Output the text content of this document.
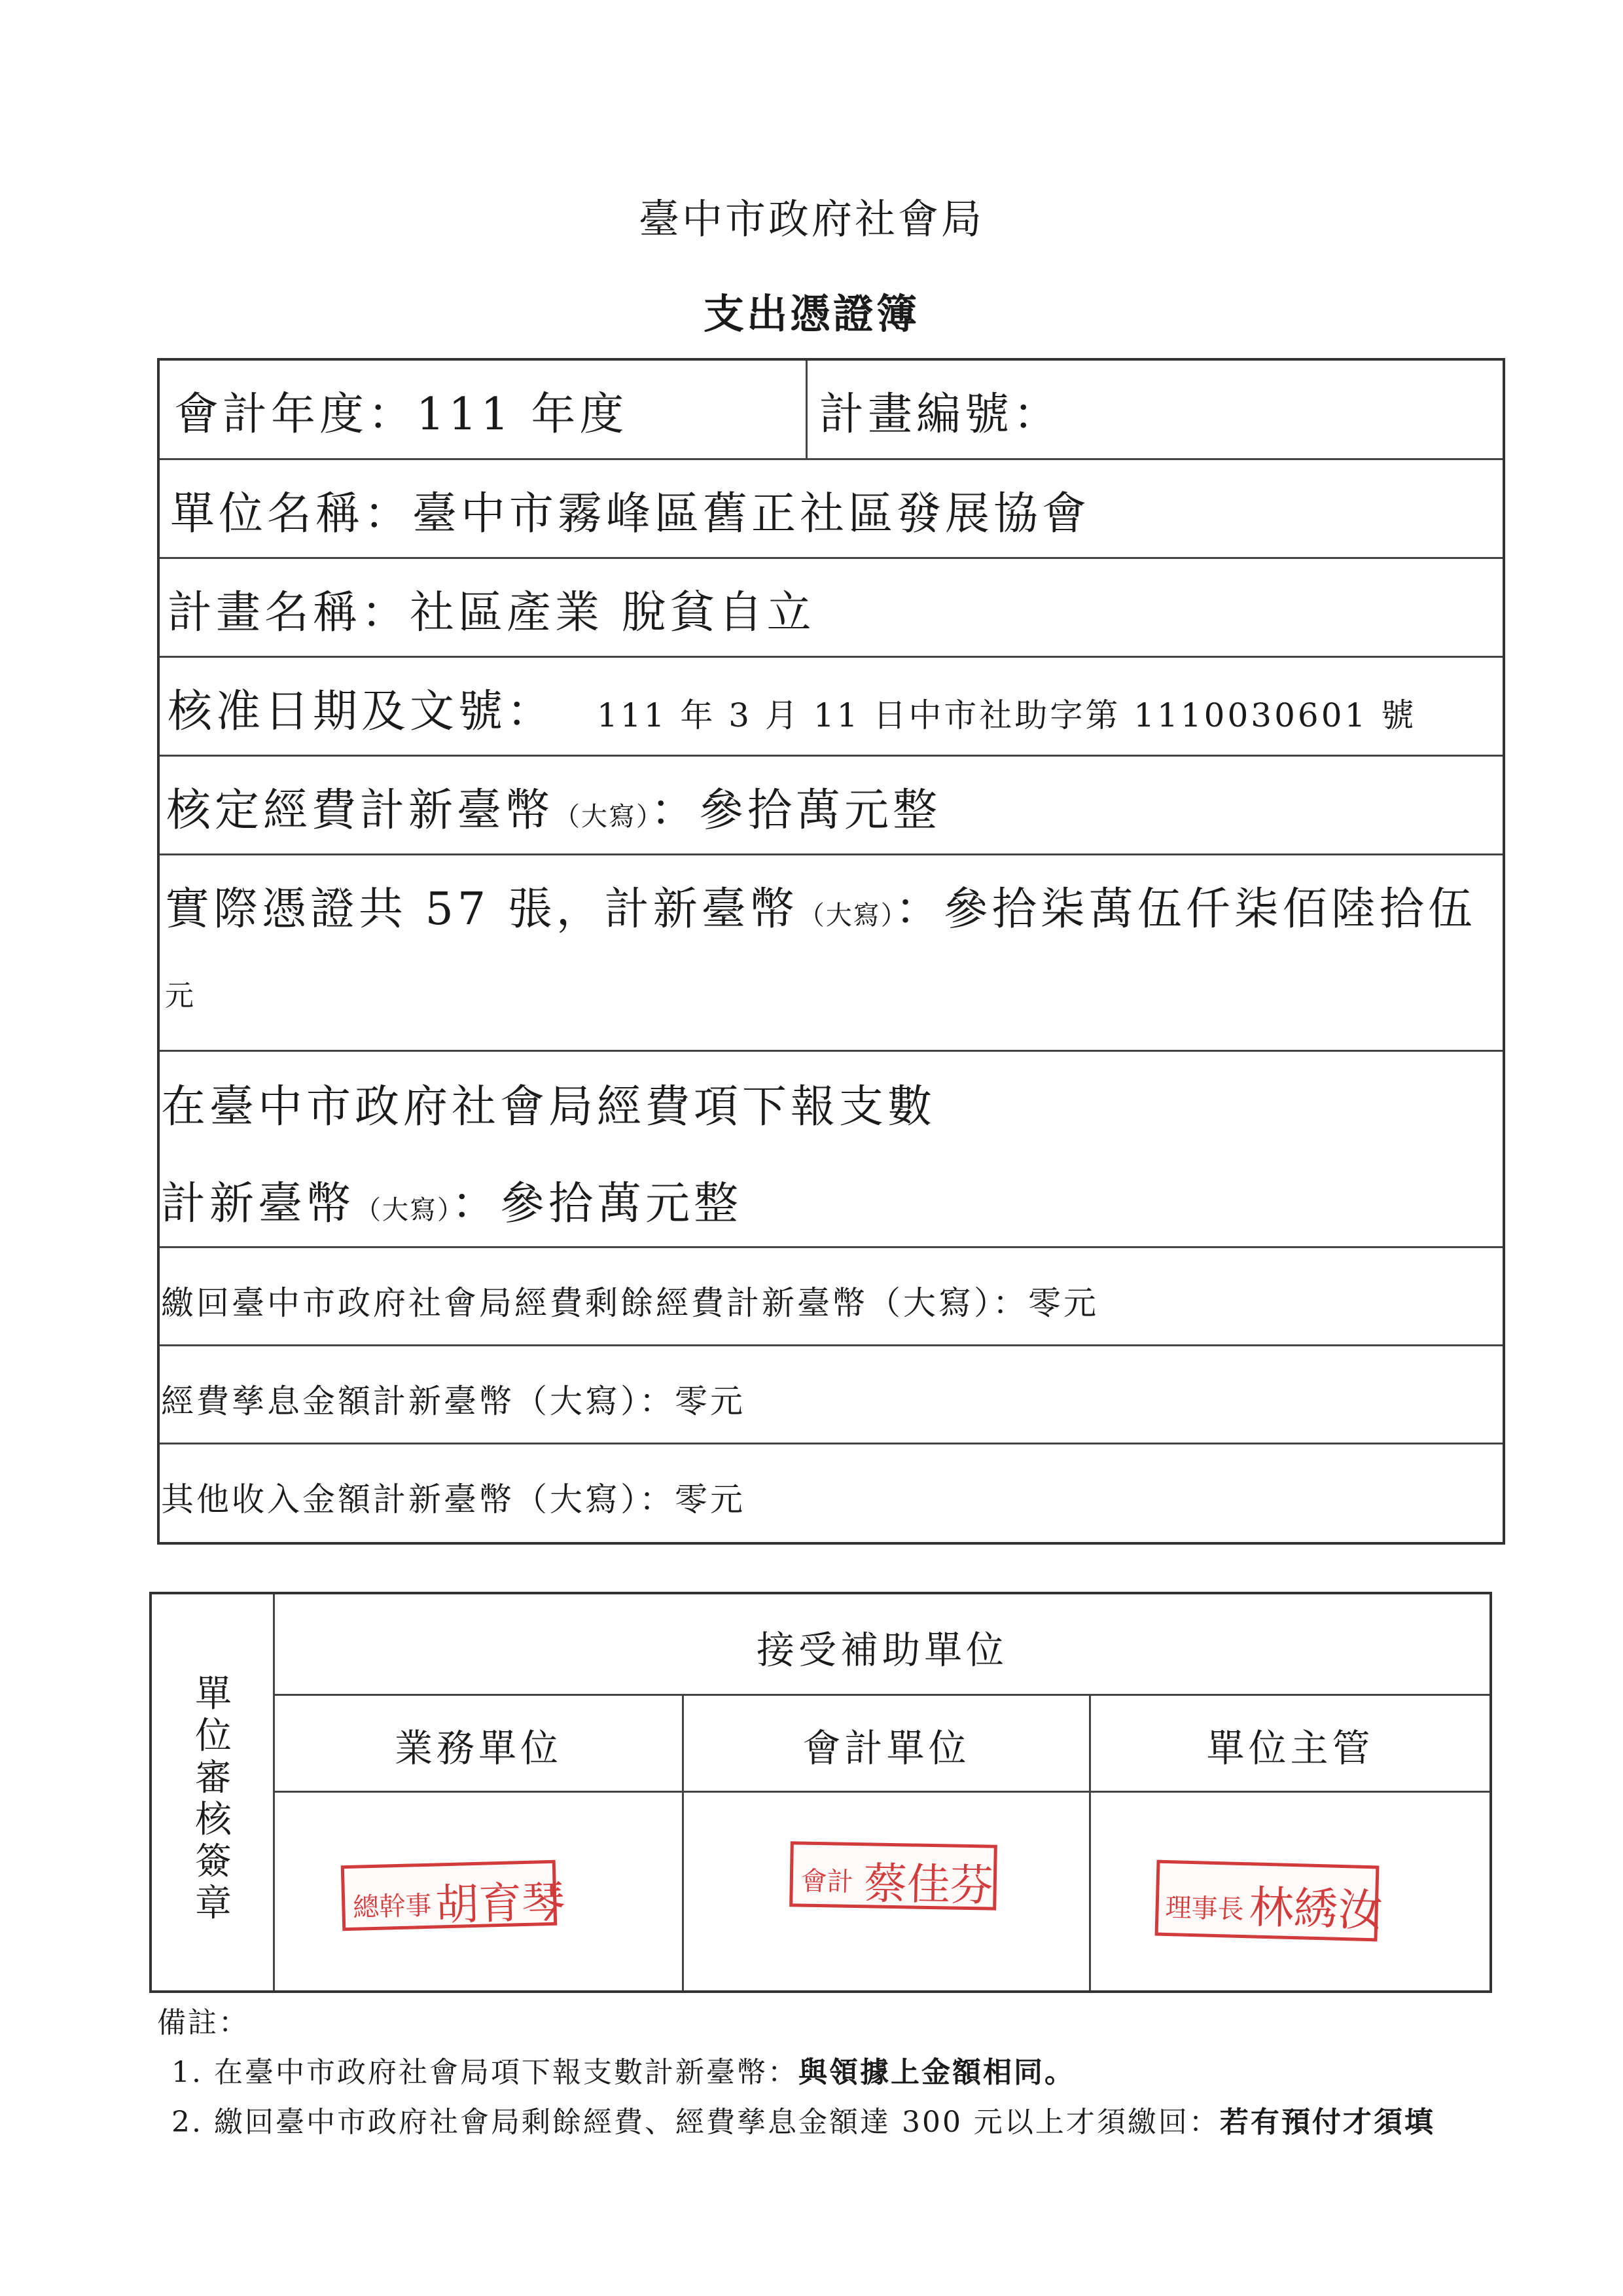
臺中市政府社會局
支出憑證簿
會計年度：111 年度	計畫編號：
單位名稱：臺中市霧峰區舊正社區發展協會
計畫名稱：社區產業 脫貧自立
核准日期及文號： 111 年 3 月 11 日中市社助字第 1110030601 號
核定經費計新臺幣（大寫）：參拾萬元整
實際憑證共 57 張，計新臺幣（大寫）：參拾柒萬伍仟柒佰陸拾伍
元
在臺中市政府社會局經費項下報支數
計新臺幣（大寫）：參拾萬元整
繳回臺中市政府社會局經費剩餘經費計新臺幣（大寫）：零元
經費孳息金額計新臺幣（大寫）：零元
其他收入金額計新臺幣（大寫）：零元
單
位
審
核
簽
章
接受補助單位
業務單位	會計單位	單位主管
總幹事 胡育琴	會計 蔡佳芬	理事長 林綉汝
備註：
1. 在臺中市政府社會局項下報支數計新臺幣：與領據上金額相同。
2. 繳回臺中市政府社會局剩餘經費、經費孳息金額達 300 元以上才須繳回：若有預付才須填
